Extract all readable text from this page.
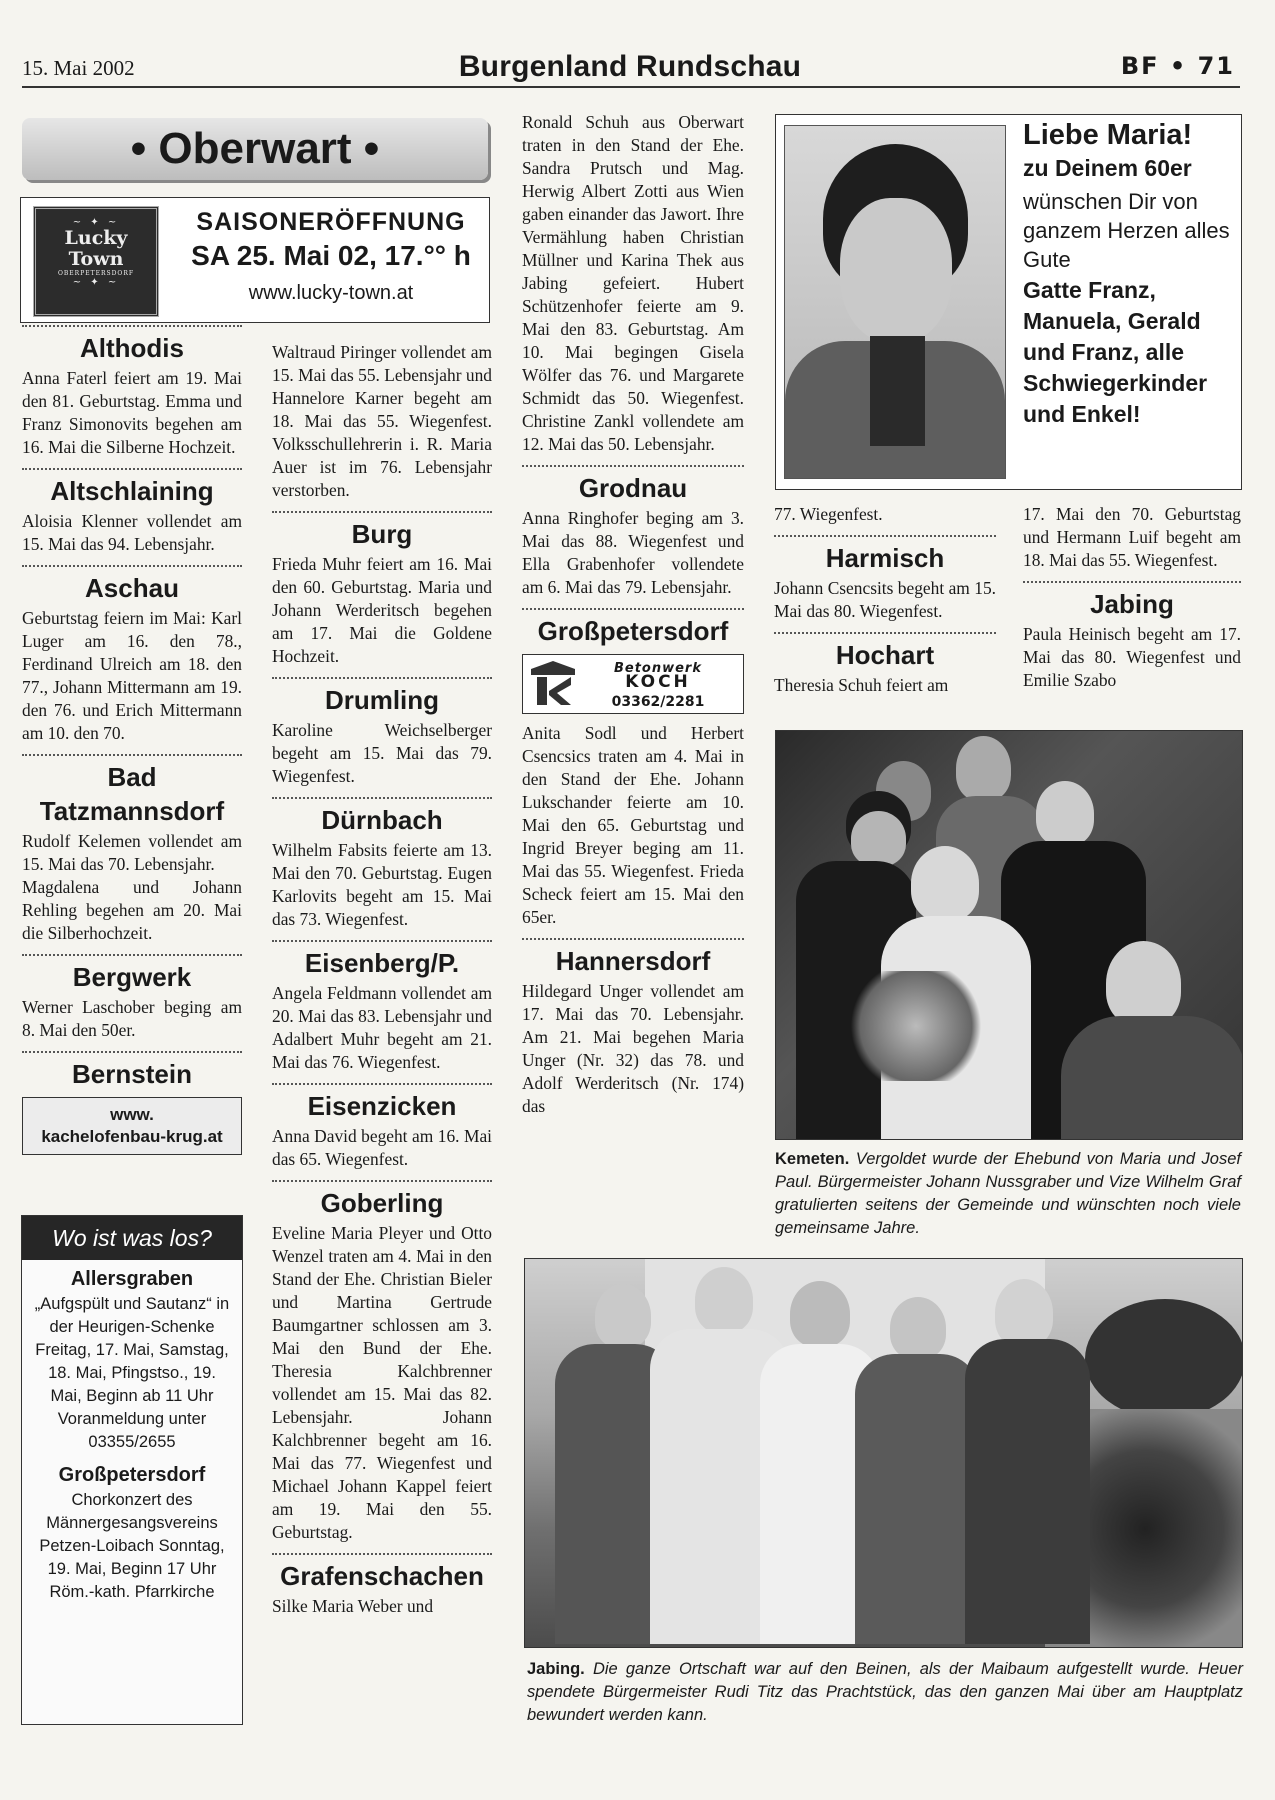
15. Mai 2002	Burgenland Rundschau	BF • 71
• Oberwart •
~ ✦ ~
Lucky
Town
OBERPETERSDORF
~ ✦ ~
SAISONERÖFFNUNG
SA 25. Mai 02, 17.°° h
www.lucky-town.at
Althodis

Anna Faterl feiert am 19. Mai den 81. Geburtstag. Emma und Franz Simonovits begehen am 16. Mai die Silberne Hochzeit.

Altschlaining

Aloisia Klenner vollendet am 15. Mai das 94. Lebensjahr.

Aschau

Geburtstag feiern im Mai: Karl Luger am 16. den 78., Ferdinand Ulreich am 18. den 77., Johann Mittermann am 19. den 76. und Erich Mittermann am 10. den 70.

Bad Tatzmannsdorf

Rudolf Kelemen vollendet am 15. Mai das 70. Lebensjahr.

Magdalena und Johann Rehling begehen am 20. Mai die Silberhochzeit.

Bergwerk

Werner Laschober beging am 8. Mai den 50er.

Bernstein
www.
kachelofenbau-krug.at
Wo ist was los?
Allersgraben
„Aufgspült und Sautanz“ in der Heurigen-Schenke Freitag, 17. Mai, Samstag, 18. Mai, Pfingstso., 19. Mai, Beginn ab 11 Uhr Voranmeldung unter 03355/2655
Großpetersdorf
Chorkonzert des Männergesangsvereins Petzen-Loibach Sonntag, 19. Mai, Beginn 17 Uhr Röm.-kath. Pfarrkirche

Waltraud Piringer vollendet am 15. Mai das 55. Lebensjahr und Hannelore Karner begeht am 18. Mai das 55. Wiegenfest. Volksschullehrerin i. R. Maria Auer ist im 76. Lebensjahr verstorben.

Burg

Frieda Muhr feiert am 16. Mai den 60. Geburtstag. Maria und Johann Werderitsch begehen am 17. Mai die Goldene Hochzeit.

Drumling

Karoline Weichselberger begeht am 15. Mai das 79. Wiegenfest.

Dürnbach

Wilhelm Fabsits feierte am 13. Mai den 70. Geburtstag. Eugen Karlovits begeht am 15. Mai das 73. Wiegenfest.

Eisenberg/P.

Angela Feldmann vollendet am 20. Mai das 83. Lebensjahr und Adalbert Muhr begeht am 21. Mai das 76. Wiegenfest.

Eisenzicken

Anna David begeht am 16. Mai das 65. Wiegenfest.

Goberling

Eveline Maria Pleyer und Otto Wenzel traten am 4. Mai in den Stand der Ehe. Christian Bieler und Martina Gertrude Baumgartner schlossen am 3. Mai den Bund der Ehe. Theresia Kalchbrenner vollendet am 15. Mai das 82. Lebensjahr. Johann Kalchbrenner begeht am 16. Mai das 77. Wiegenfest und Michael Johann Kappel feiert am 19. Mai den 55. Geburtstag.

Grafenschachen

Silke Maria Weber und

Ronald Schuh aus Oberwart traten in den Stand der Ehe. Sandra Prutsch und Mag. Herwig Albert Zotti aus Wien gaben einander das Jawort. Ihre Vermählung haben Christian Müllner und Karina Thek aus Jabing gefeiert. Hubert Schützenhofer feierte am 9. Mai den 83. Geburtstag. Am 10. Mai begingen Gisela Wölfer das 76. und Margarete Schmidt das 50. Wiegenfest. Christine Zankl vollendete am 12. Mai das 50. Lebensjahr.

Grodnau

Anna Ringhofer beging am 3. Mai das 88. Wiegenfest und Ella Grabenhofer vollendete am 6. Mai das 79. Lebensjahr.

Großpetersdorf
Betonwerk
KOCH
03362/2281

Anita Sodl und Herbert Csencsics traten am 4. Mai in den Stand der Ehe. Johann Lukschander feierte am 10. Mai den 65. Geburtstag und Ingrid Breyer beging am 11. Mai das 55. Wiegenfest. Frieda Scheck feiert am 15. Mai den 65er.

Hannersdorf

Hildegard Unger vollendet am 17. Mai das 70. Lebensjahr. Am 21. Mai begehen Maria Unger (Nr. 32) das 78. und Adolf Werderitsch (Nr. 174) das

Liebe Maria!
zu Deinem 60er
wünschen Dir von ganzem Herzen alles Gute
Gatte Franz, Manuela, Gerald und Franz, alle Schwiegerkinder und Enkel!

77. Wiegenfest.

Harmisch

Johann Csencsits begeht am 15. Mai das 80. Wiegenfest.

Hochart

Theresia Schuh feiert am

17. Mai den 70. Geburtstag und Hermann Luif begeht am 18. Mai das 55. Wiegenfest.

Jabing

Paula Heinisch begeht am 17. Mai das 80. Wiegenfest und Emilie Szabo

Kemeten. Vergoldet wurde der Ehebund von Maria und Josef Paul. Bürgermeister Johann Nussgraber und Vize Wilhelm Graf gratulierten seitens der Gemeinde und wünschten noch viele gemeinsame Jahre.
Jabing. Die ganze Ortschaft war auf den Beinen, als der Maibaum aufgestellt wurde. Heuer spendete Bürgermeister Rudi Titz das Prachtstück, das den ganzen Mai über am Hauptplatz bewundert werden kann.
